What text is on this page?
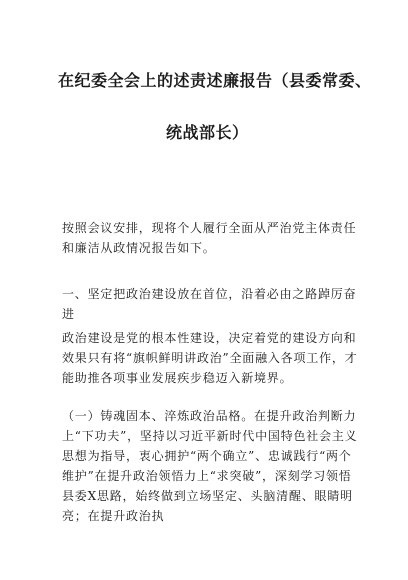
在纪委全会上的述责述廉报告（县委常委、
统战部长）

按照会议安排，现将个人履行全面从严治党主体责任和廉洁从政情况报告如下。

一、坚定把政治建设放在首位，沿着必由之路踔厉奋进

政治建设是党的根本性建设，决定着党的建设方向和效果只有将“旗帜鲜明讲政治”全面融入各项工作，才能助推各项事业发展疾步稳迈入新境界。

（一）铸魂固本、淬炼政治品格。在提升政治判断力上“下功夫”，坚持以习近平新时代中国特色社会主义思想为指导，衷心拥护“两个确立”、忠诚践行“两个维护”在提升政治领悟力上“求突破”，深刻学习领悟县委X思路，始终做到立场坚定、头脑清醒、眼睛明亮；在提升政治执
